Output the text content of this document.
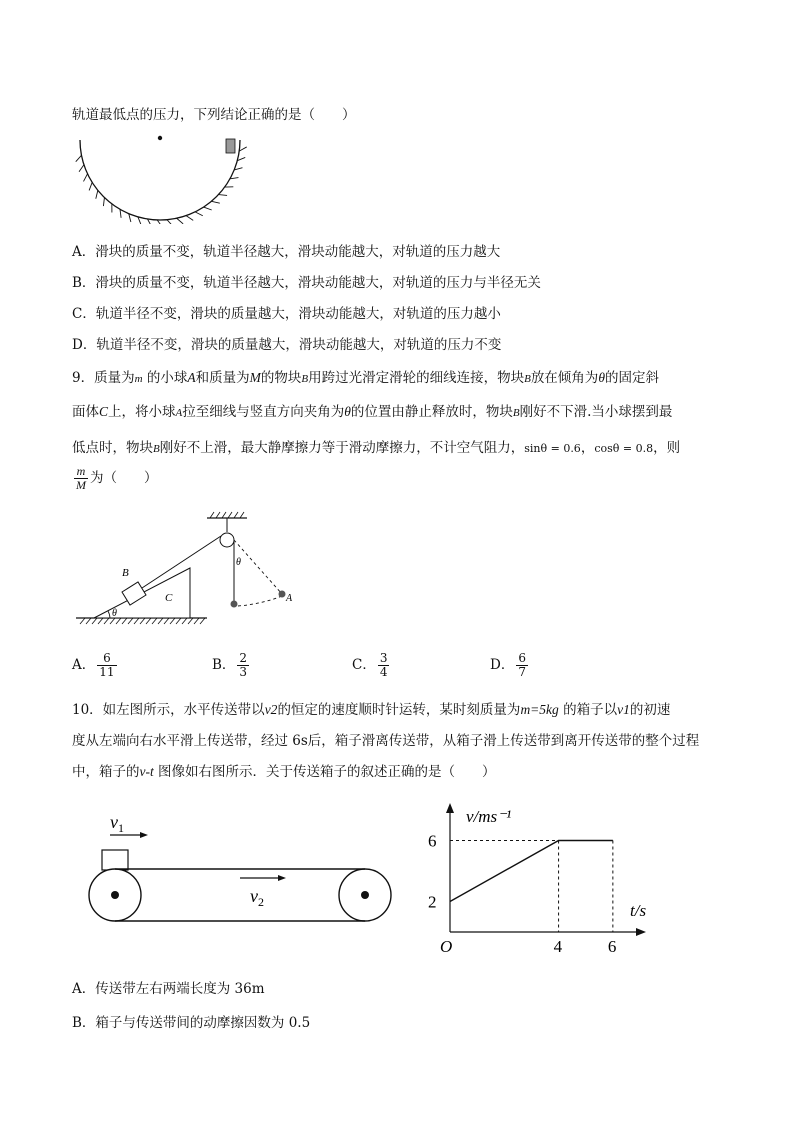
轨道最低点的压力，下列结论正确的是（　　）
A．滑块的质量不变，轨道半径越大，滑块动能越大，对轨道的压力越大
B．滑块的质量不变，轨道半径越大，滑块动能越大，对轨道的压力与半径无关
C．轨道半径不变，滑块的质量越大，滑块动能越大，对轨道的压力越小
D．轨道半径不变，滑块的质量越大，滑块动能越大，对轨道的压力不变
9．质量为m 的小球A和质量为M的物块B用跨过光滑定滑轮的细线连接，物块B放在倾角为θ的固定斜
面体C上，将小球A拉至细线与竖直方向夹角为θ的位置由静止释放时，物块B刚好不下滑.当小球摆到最
低点时，物块B刚好不上滑，最大静摩擦力等于滑动摩擦力，不计空气阻力，sinθ = 0.6，cosθ = 0.8，则
$\frac{m}{M}$ 为（　　）
B
C
θ
θ
A
A． $\frac{6}{11}$	B． $\frac{2}{3}$	C． $\frac{3}{4}$	D． $\frac{6}{7}$
10．如左图所示，水平传送带以v2的恒定的速度顺时针运转，某时刻质量为m=5kg 的箱子以v1的初速
度从左端向右水平滑上传送带，经过 6s后，箱子滑离传送带，从箱子滑上传送带到离开传送带的整个过程
中，箱子的v-t 图像如右图所示．关于传送箱子的叙述正确的是（　　）
$v_1$
$v_2$
v/ms⁻¹
t/s
O
2
6
4	6
A．传送带左右两端长度为 36m
B．箱子与传送带间的动摩擦因数为 0.5
